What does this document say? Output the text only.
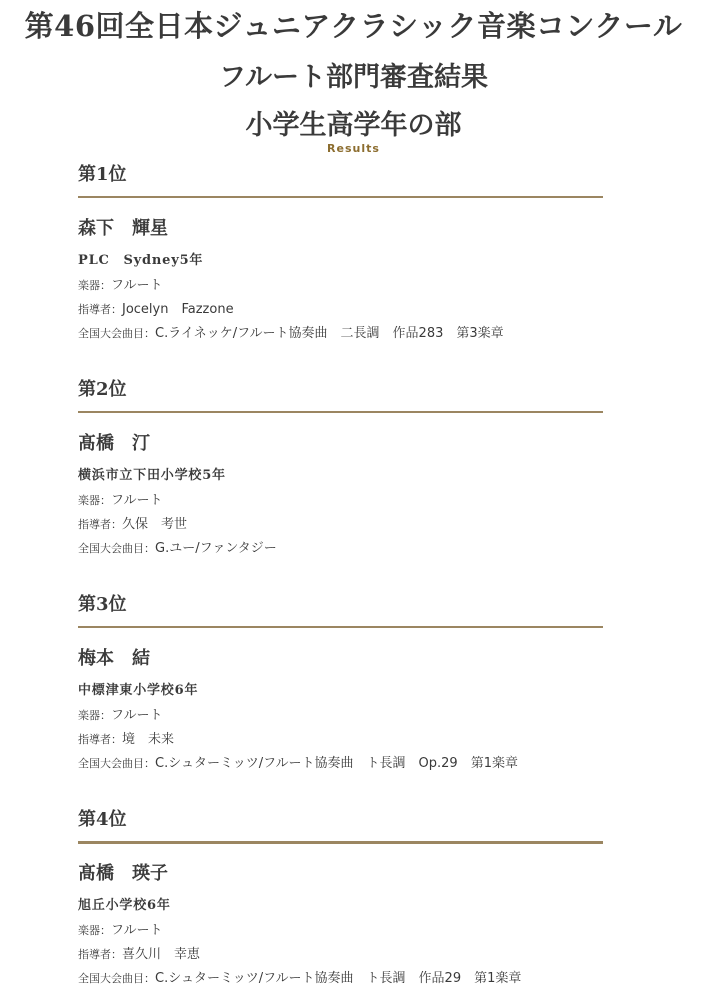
第46回全日本ジュニアクラシック音楽コンクール
フルート部門審査結果
小学生高学年の部
Results
第1位
森下　輝星
PLC　Sydney5年
楽器：フルート
指導者：Jocelyn　Fazzone
全国大会曲目：C.ライネッケ/フルート協奏曲　二長調　作品283　第3楽章
第2位
髙橋　汀
横浜市立下田小学校5年
楽器：フルート
指導者：久保　考世
全国大会曲目：G.ユー/ファンタジー
第3位
梅本　結
中標津東小学校6年
楽器：フルート
指導者：境　未来
全国大会曲目：C.シュターミッツ/フルート協奏曲　ト長調　Op.29　第1楽章
第4位
髙橋　瑛子
旭丘小学校6年
楽器：フルート
指導者：喜久川　幸恵
全国大会曲目：C.シュターミッツ/フルート協奏曲　ト長調　作品29　第1楽章
